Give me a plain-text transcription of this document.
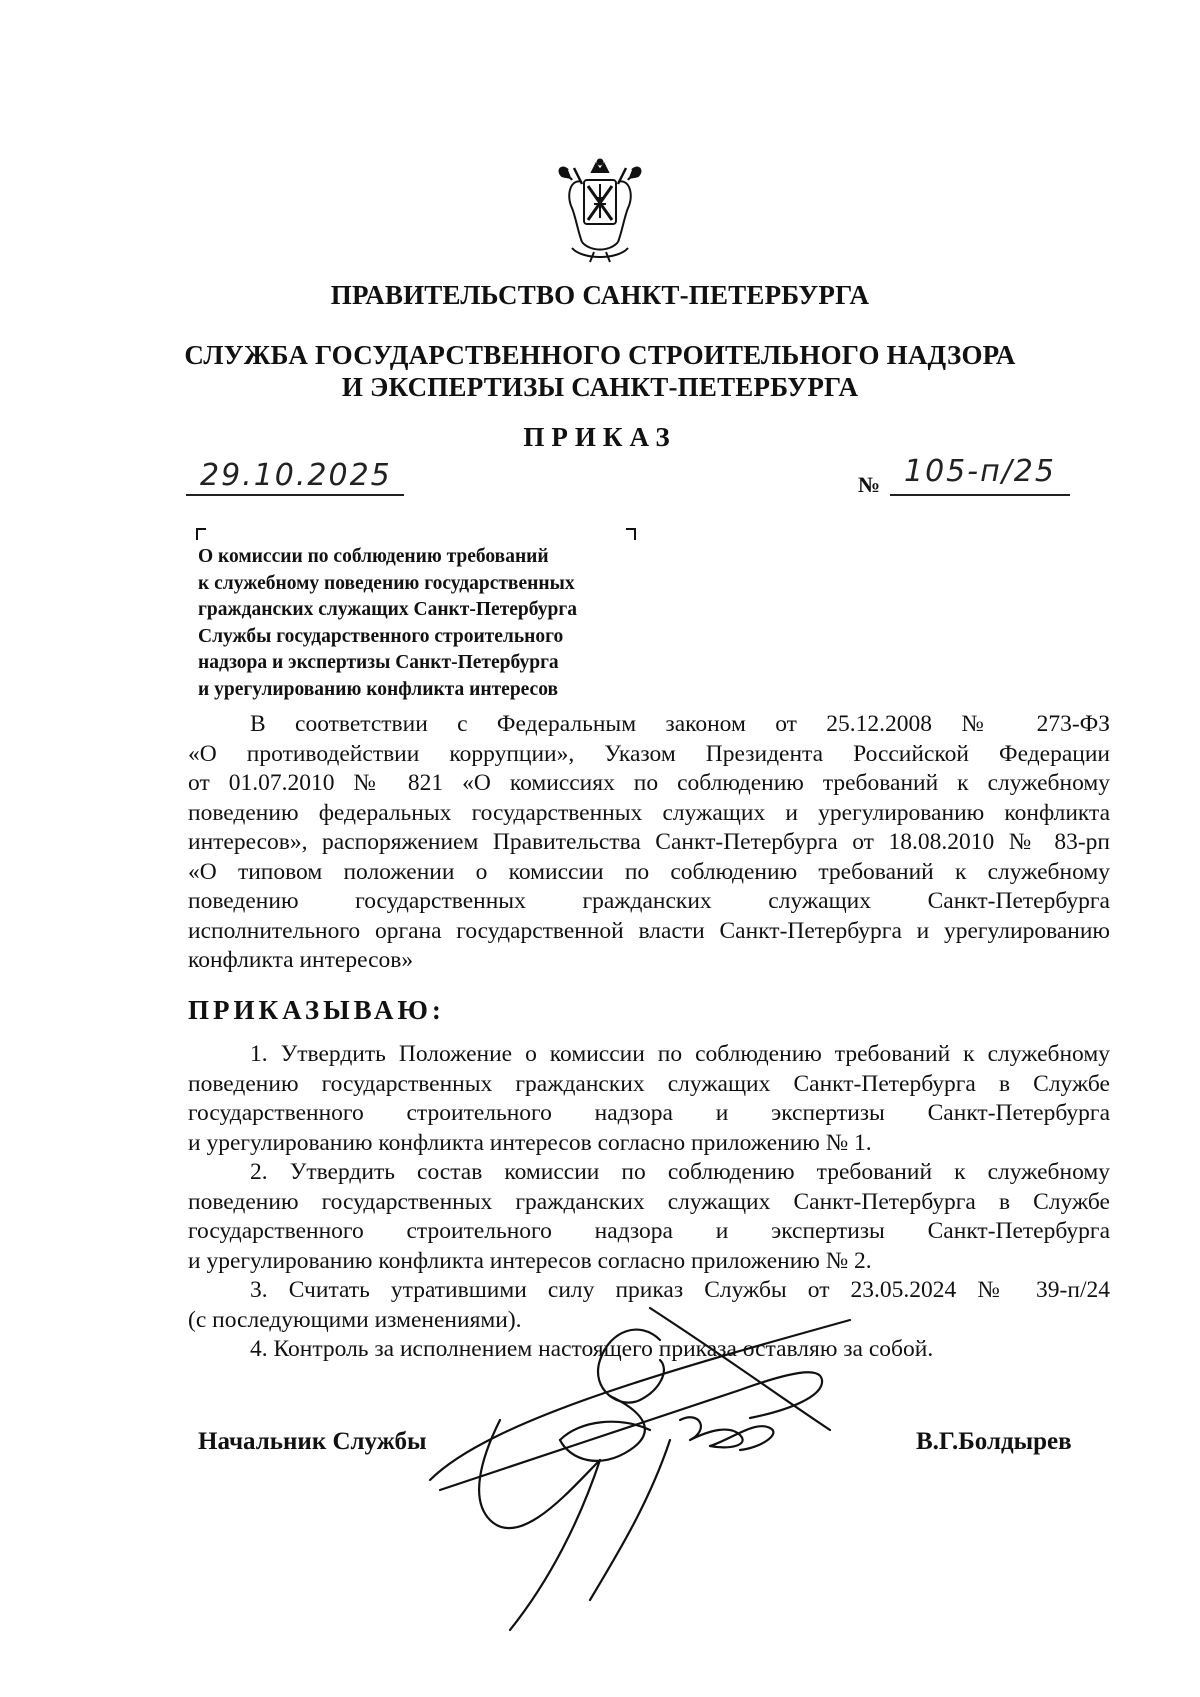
ПРАВИТЕЛЬСТВО САНКТ-ПЕТЕРБУРГА
СЛУЖБА ГОСУДАРСТВЕННОГО СТРОИТЕЛЬНОГО НАДЗОРА
И ЭКСПЕРТИЗЫ САНКТ-ПЕТЕРБУРГА
ПРИКАЗ
29.10.2025	№ 105-п/25
О комиссии по соблюдению требований
к служебному поведению государственных
гражданских служащих Санкт-Петербурга
Службы государственного строительного
надзора и экспертизы Санкт-Петербурга
и урегулированию конфликта интересов
В соответствии с Федеральным законом от 25.12.2008 № 273-ФЗ
«О противодействии коррупции», Указом Президента Российской Федерации
от 01.07.2010 № 821 «О комиссиях по соблюдению требований к служебному
поведению федеральных государственных служащих и урегулированию конфликта
интересов», распоряжением Правительства Санкт-Петербурга от 18.08.2010 № 83-рп
«О типовом положении о комиссии по соблюдению требований к служебному
поведению государственных гражданских служащих Санкт-Петербурга
исполнительного органа государственной власти Санкт-Петербурга и урегулированию
конфликта интересов»
ПРИКАЗЫВАЮ:
1. Утвердить Положение о комиссии по соблюдению требований к служебному
поведению государственных гражданских служащих Санкт-Петербурга в Службе
государственного строительного надзора и экспертизы Санкт-Петербурга
и урегулированию конфликта интересов согласно приложению № 1.
2. Утвердить состав комиссии по соблюдению требований к служебному
поведению государственных гражданских служащих Санкт-Петербурга в Службе
государственного строительного надзора и экспертизы Санкт-Петербурга
и урегулированию конфликта интересов согласно приложению № 2.
3. Считать утратившими силу приказ Службы от 23.05.2024 № 39-п/24
(с последующими изменениями).
4. Контроль за исполнением настоящего приказа оставляю за собой.
Начальник Службы	В.Г.Болдырев
